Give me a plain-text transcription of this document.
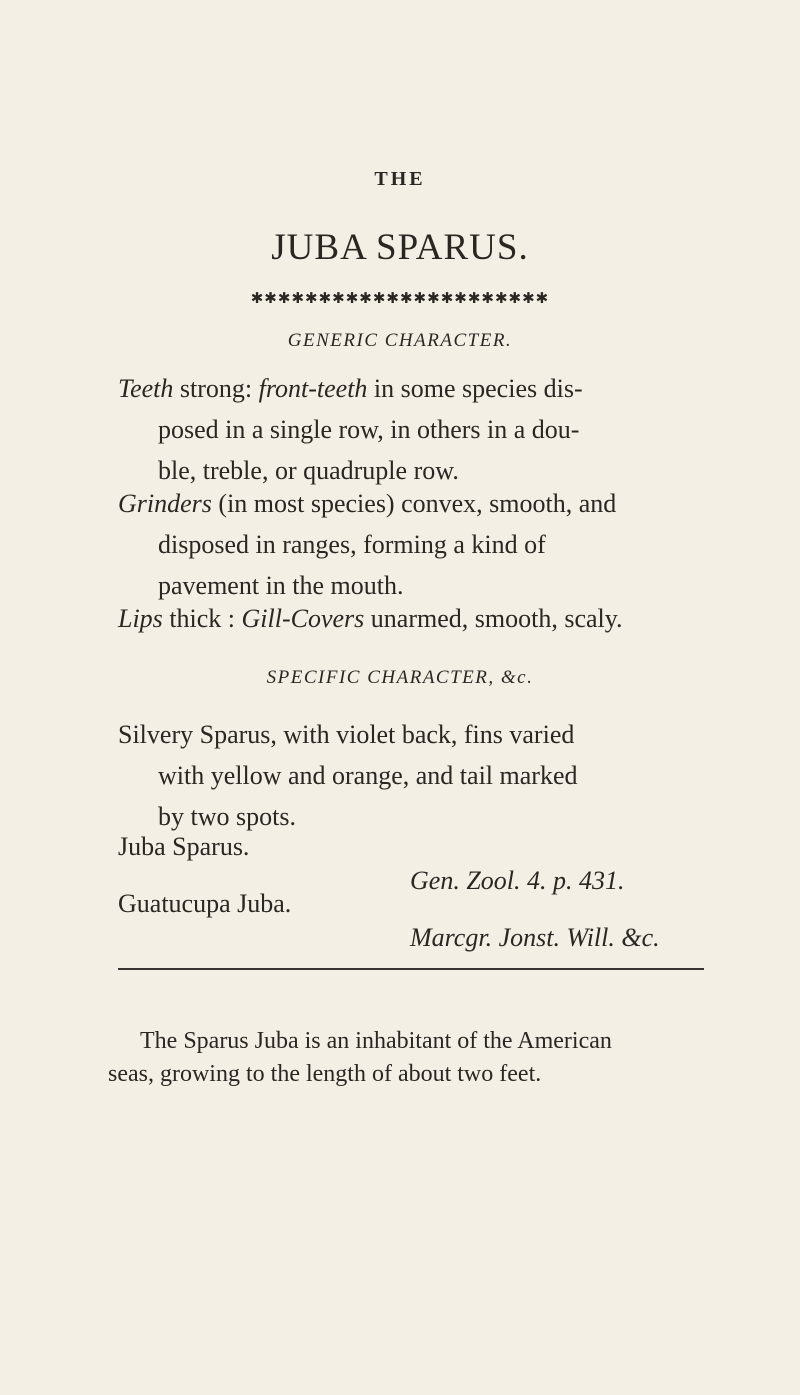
THE
JUBA SPARUS.
✱✱✱✱✱✱✱✱✱✱✱✱✱✱✱✱✱✱✱✱✱✱
GENERIC CHARACTER.
Teeth strong: front-teeth in some species dis-
posed in a single row, in others in a dou-
ble, treble, or quadruple row.
Grinders (in most species) convex, smooth, and
disposed in ranges, forming a kind of
pavement in the mouth.
Lips thick : Gill-Covers unarmed, smooth, scaly.
SPECIFIC CHARACTER, &c.
Silvery Sparus, with violet back, fins varied
with yellow and orange, and tail marked
by two spots.
Juba Sparus.
Gen. Zool. 4. p. 431.
Guatucupa Juba.
Marcgr. Jonst. Will. &c.
The Sparus Juba is an inhabitant of the American
seas, growing to the length of about two feet.
